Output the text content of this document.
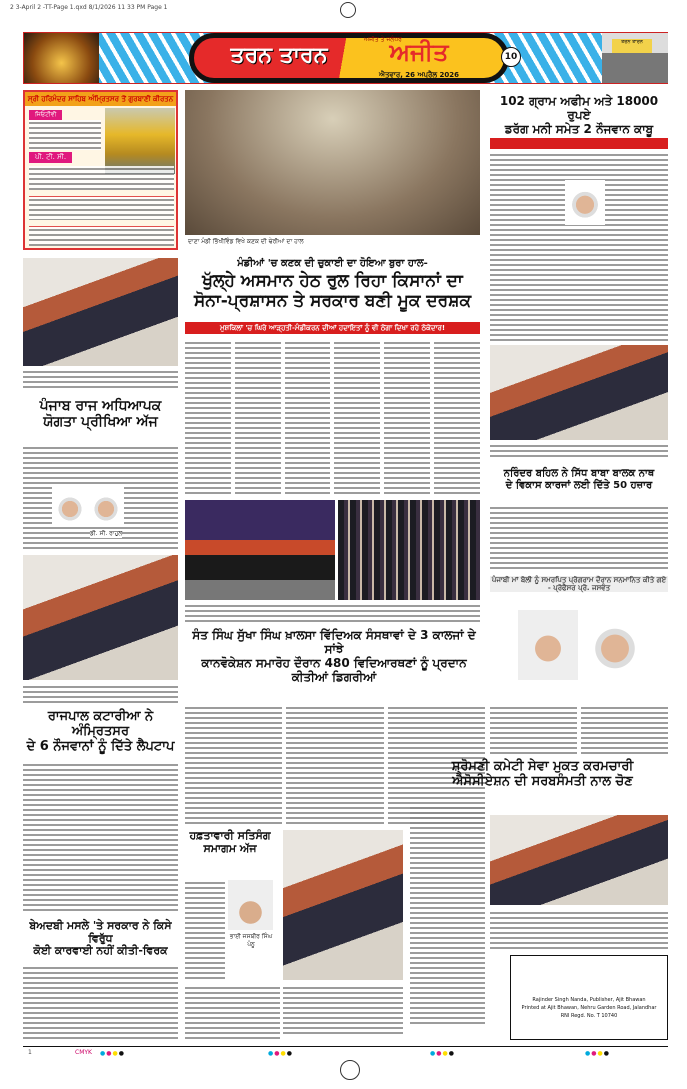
2 3-April 2 -TT-Page 1.qxd 8/1/2026 11 33 PM Page 1
ਅਜੀਤ ਤੇ ਜਲੰਧਰ
ਤਰਨ ਤਾਰਨ	ਅਜੀਤ
ਐਤਵਾਰ, 26 ਅਪ੍ਰੈਲ 2026
10
ਤਰਨ ਤਾਰਨ
ਸ੍ਰੀ ਹਰਿਮੰਦਰ ਸਾਹਿਬ ਅੰਮ੍ਰਿਤਸਰ ਤੋਂ ਗੁਰਬਾਣੀ ਕੀਰਤਨ
ਜਿਓਟੀਵੀ
ਪੀ. ਟੀ. ਸੀ.
ਦਾਣਾ ਮੰਡੀ ਭਿੱਖੀਵਿੰਡ ਵਿਖੇ ਕਣਕ ਦੀ ਢੇਰੀਆਂ ਦਾ ਹਾਲ
ਮੰਡੀਆਂ 'ਚ ਕਣਕ ਦੀ ਚੁਕਾਈ ਦਾ ਹੋਇਆ ਬੁਰਾ ਹਾਲ-
ਖੁੱਲ੍ਹੇ ਅਸਮਾਨ ਹੇਠ ਰੁਲ ਰਿਹਾ ਕਿਸਾਨਾਂ ਦਾ
ਸੋਨਾ-ਪ੍ਰਸ਼ਾਸਨ ਤੇ ਸਰਕਾਰ ਬਣੀ ਮੂਕ ਦਰਸ਼ਕ
ਮੁਸ਼ਕਿਲਾਂ 'ਚ ਘਿਰੇ ਆੜ੍ਹਤੀ-ਮੰਡੀਕਰਨ ਦੀਆਂ ਹਦਾਇਤਾਂ ਨੂੰ ਵੀ ਠੇਂਗਾ ਦਿਖਾ ਰਹੇ ਠੇਕੇਦਾਰ!
ਪੰਜਾਬ ਰਾਜ ਅਧਿਆਪਕ
ਯੋਗਤਾ ਪ੍ਰੀਖਿਆ ਅੱਜ
ਡੀ. ਸੀ. ਰਾਹੁਲ
ਰਾਜਪਾਲ ਕਟਾਰੀਆ ਨੇ ਅੰਮ੍ਰਿਤਸਰ
ਦੇ 6 ਨੌਜਵਾਨਾਂ ਨੂੰ ਦਿੱਤੇ ਲੈਪਟਾਪ
ਬੇਅਦਬੀ ਮਸਲੇ 'ਤੇ ਸਰਕਾਰ ਨੇ ਕਿਸੇ ਵਿਰੁੱਧ
ਕੋਈ ਕਾਰਵਾਈ ਨਹੀਂ ਕੀਤੀ-ਵਿਰਕ
ਸੰਤ ਸਿੰਘ ਸੁੱਖਾ ਸਿੰਘ ਖ਼ਾਲਸਾ ਵਿੱਦਿਅਕ ਸੰਸਥਾਵਾਂ ਦੇ 3 ਕਾਲਜਾਂ ਦੇ ਸਾਂਝੇ
ਕਾਨਵੋਕੇਸ਼ਨ ਸਮਾਰੋਹ ਦੌਰਾਨ 480 ਵਿਦਿਆਰਥਣਾਂ ਨੂੰ ਪ੍ਰਦਾਨ ਕੀਤੀਆਂ ਡਿਗਰੀਆਂ
ਹਫ਼ਤਾਵਾਰੀ ਸਤਿਸੰਗ ਸਮਾਗਮ ਅੱਜ
ਭਾਈ ਜਸਬੀਰ ਸਿੰਘ ਪੰਨੂ
102 ਗ੍ਰਾਮ ਅਫੀਮ ਅਤੇ 18000 ਰੁਪਏ
ਡਰੱਗ ਮਨੀ ਸਮੇਤ 2 ਨੌਜਵਾਨ ਕਾਬੂ
ਨਰਿੰਦਰ ਬਹਿਲ ਨੇ ਸਿੱਧ ਬਾਬਾ ਬਾਲਕ ਨਾਥ
ਦੇ ਵਿਕਾਸ ਕਾਰਜਾਂ ਲਈ ਦਿੱਤੇ 50 ਹਜ਼ਾਰ
ਪੰਜਾਬੀ ਮਾਂ ਬੋਲੀ ਨੂੰ ਸਮਰਪਿਤ ਪ੍ਰੋਗਰਾਮ ਦੌਰਾਨ ਸਨਮਾਨਿਤ ਕੀਤੇ ਗਏ - ਪ੍ਰੋਫੈਸਰ ਪ੍ਰੋ. ਜਸਵੰਤ
ਸ਼੍ਰੋਮਣੀ ਕਮੇਟੀ ਸੇਵਾ ਮੁਕਤ ਕਰਮਚਾਰੀ
ਐਸੋਸੀਏਸ਼ਨ ਦੀ ਸਰਬਸੰਮਤੀ ਨਾਲ ਚੋਣ
Rajinder Singh Nanda, Publisher, Ajit Bhawan
Printed at Ajit Bhawan, Nehru Garden Road, Jalandhar
RNI Regd. No. T 10740
1	CMYK ●●●●	●●●●	●●●●	●●●●
